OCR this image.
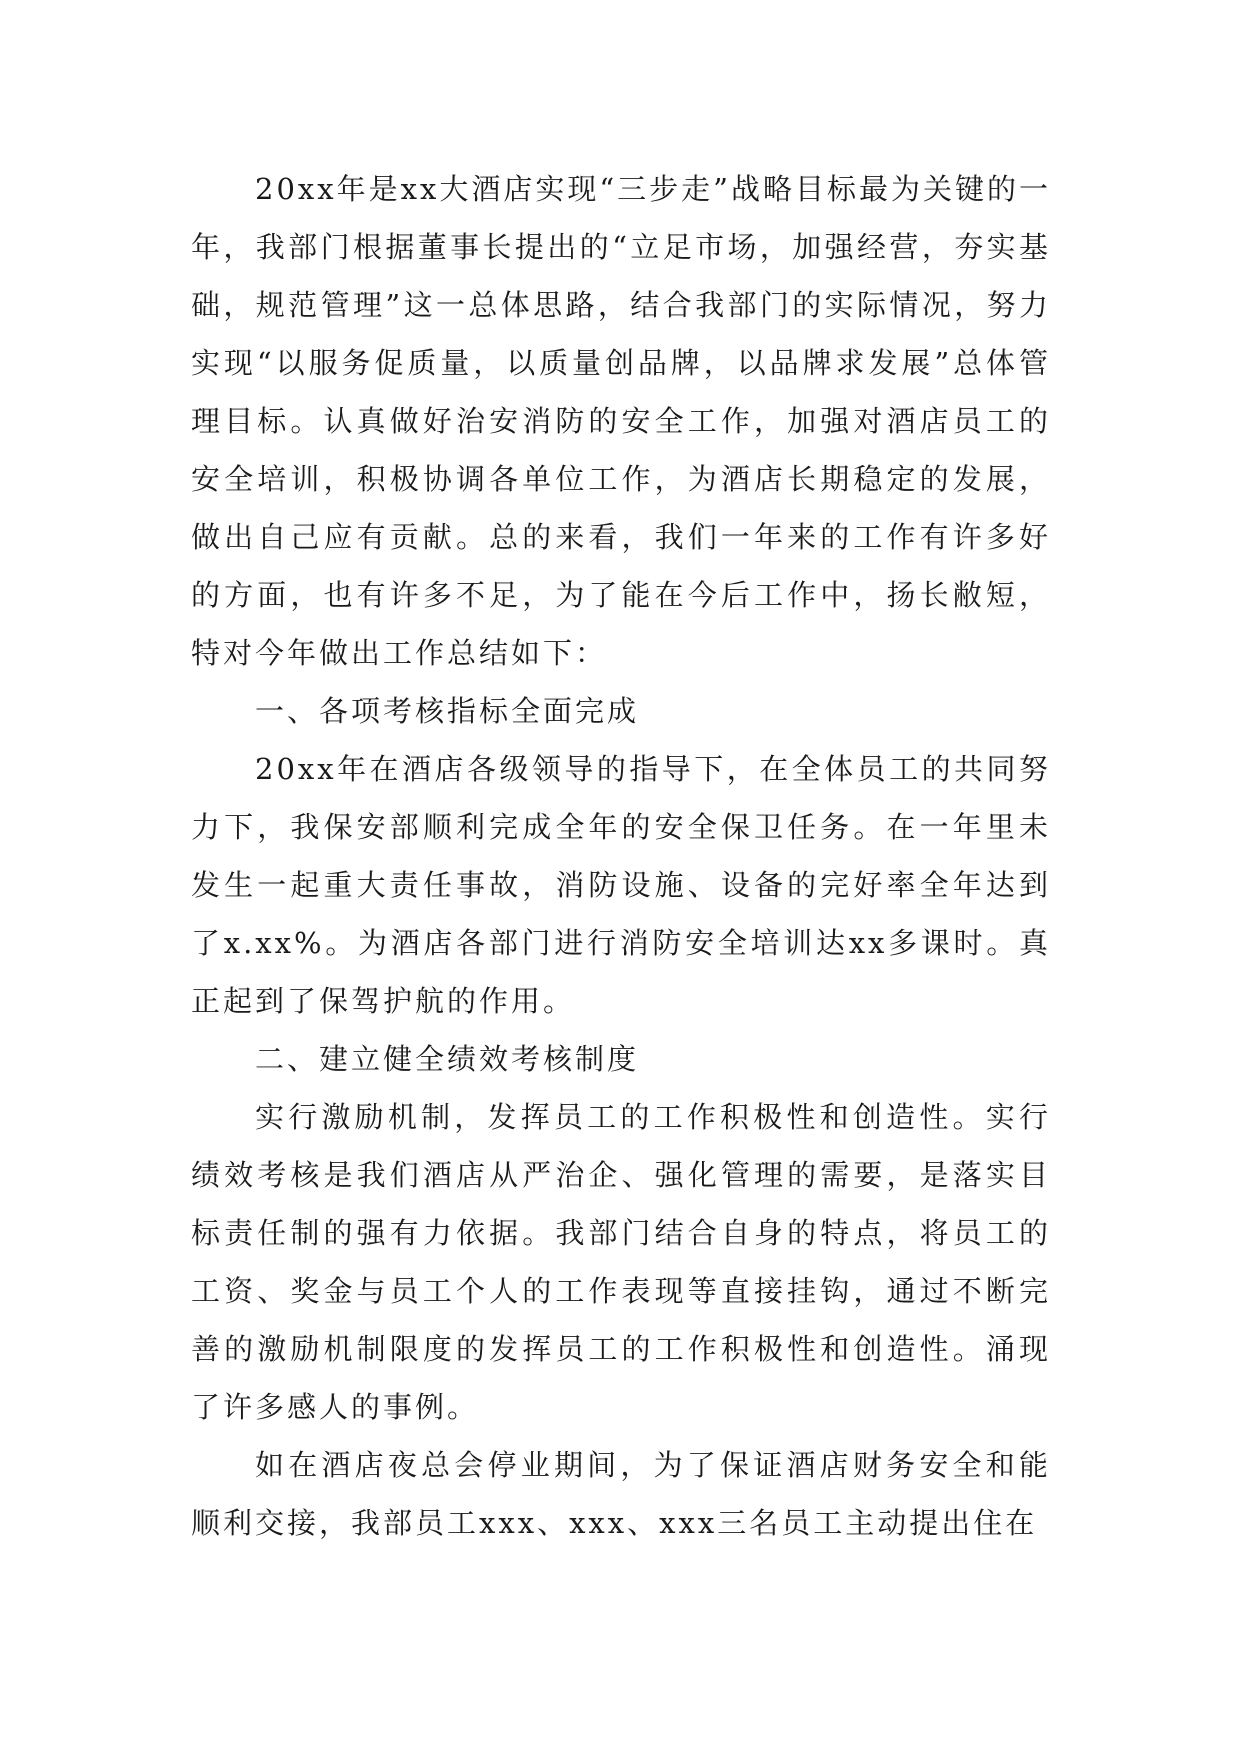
20xx年是xx大酒店实现“三步走”战略目标最为关键的一年，我部门根据董事长提出的“立足市场，加强经营，夯实基础，规范管理”这一总体思路，结合我部门的实际情况，努力实现“以服务促质量，以质量创品牌，以品牌求发展”总体管理目标。认真做好治安消防的安全工作，加强对酒店员工的安全培训，积极协调各单位工作，为酒店长期稳定的发展，做出自己应有贡献。总的来看，我们一年来的工作有许多好的方面，也有许多不足，为了能在今后工作中，扬长敝短，特对今年做出工作总结如下：

一、各项考核指标全面完成

20xx年在酒店各级领导的指导下，在全体员工的共同努力下，我保安部顺利完成全年的安全保卫任务。在一年里未发生一起重大责任事故，消防设施、设备的完好率全年达到了x.xx%。为酒店各部门进行消防安全培训达xx多课时。真正起到了保驾护航的作用。

二、建立健全绩效考核制度

实行激励机制，发挥员工的工作积极性和创造性。实行绩效考核是我们酒店从严治企、强化管理的需要，是落实目标责任制的强有力依据。我部门结合自身的特点，将员工的工资、奖金与员工个人的工作表现等直接挂钩，通过不断完善的激励机制限度的发挥员工的工作积极性和创造性。涌现了许多感人的事例。

如在酒店夜总会停业期间，为了保证酒店财务安全和能顺利交接，我部员工xxx、xxx、xxx三名员工主动提出住在
